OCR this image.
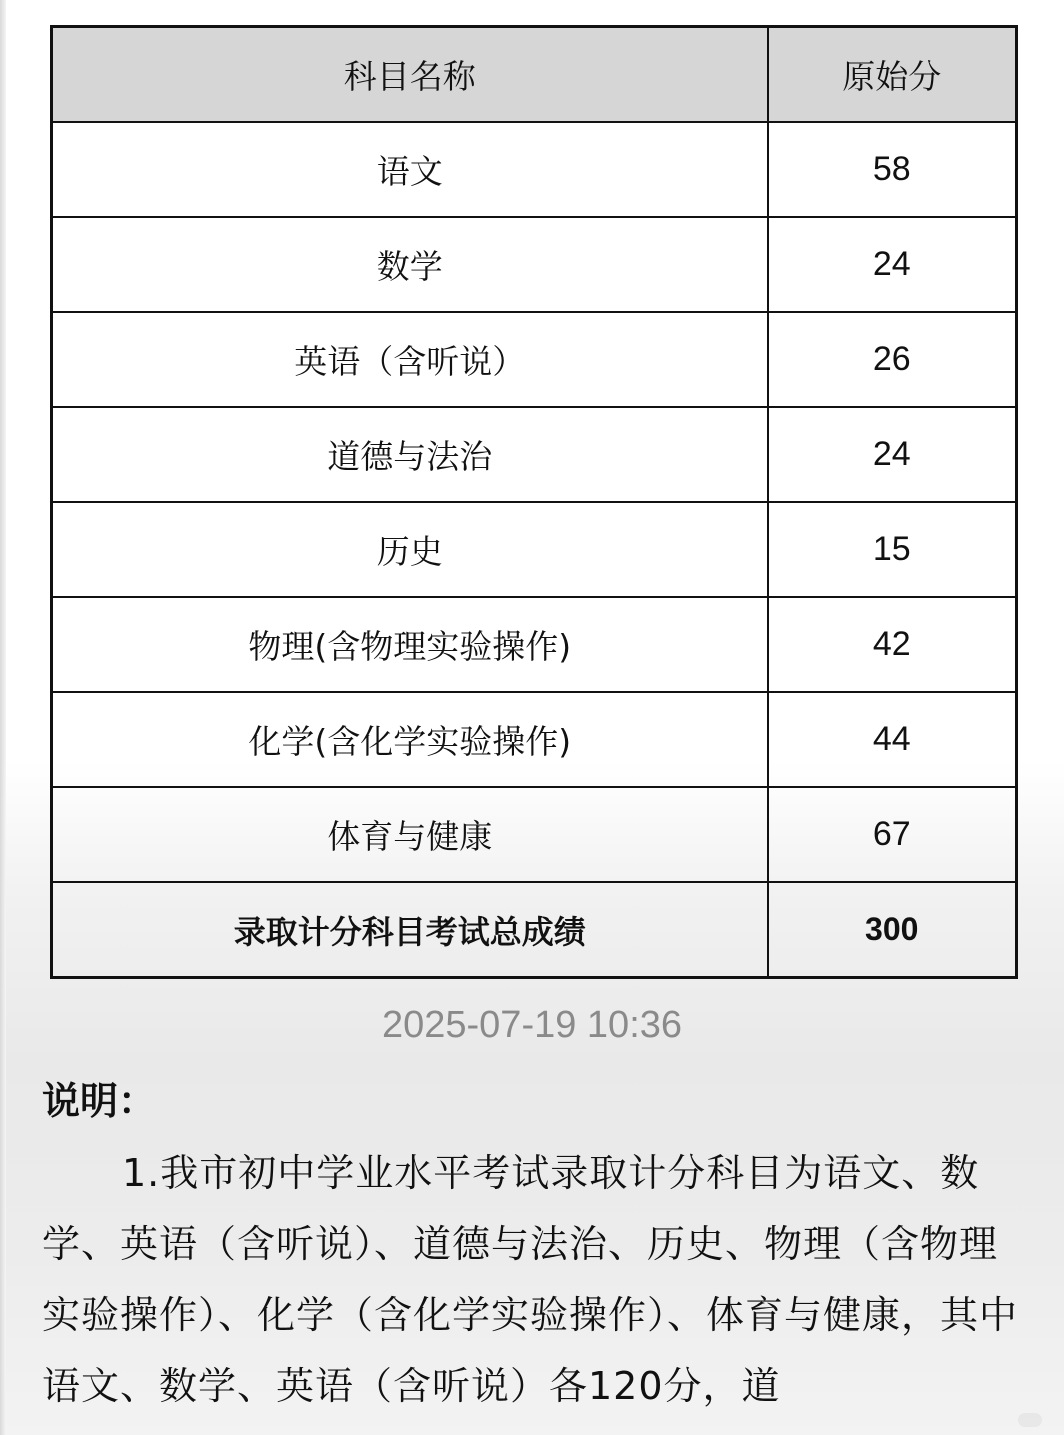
科目名称	原始分
语文	58
数学	24
英语（含听说）	26
道德与法治	24
历史	15
物理(含物理实验操作)	42
化学(含化学实验操作)	44
体育与健康	67
录取计分科目考试总成绩	300
2025-07-19 10:36

说明：

1.我市初中学业水平考试录取计分科目为语文、数学、英语（含听说）、道德与法治、历史、物理（含物理实验操作）、化学（含化学实验操作）、体育与健康，其中语文、数学、英语（含听说）各120分，道
